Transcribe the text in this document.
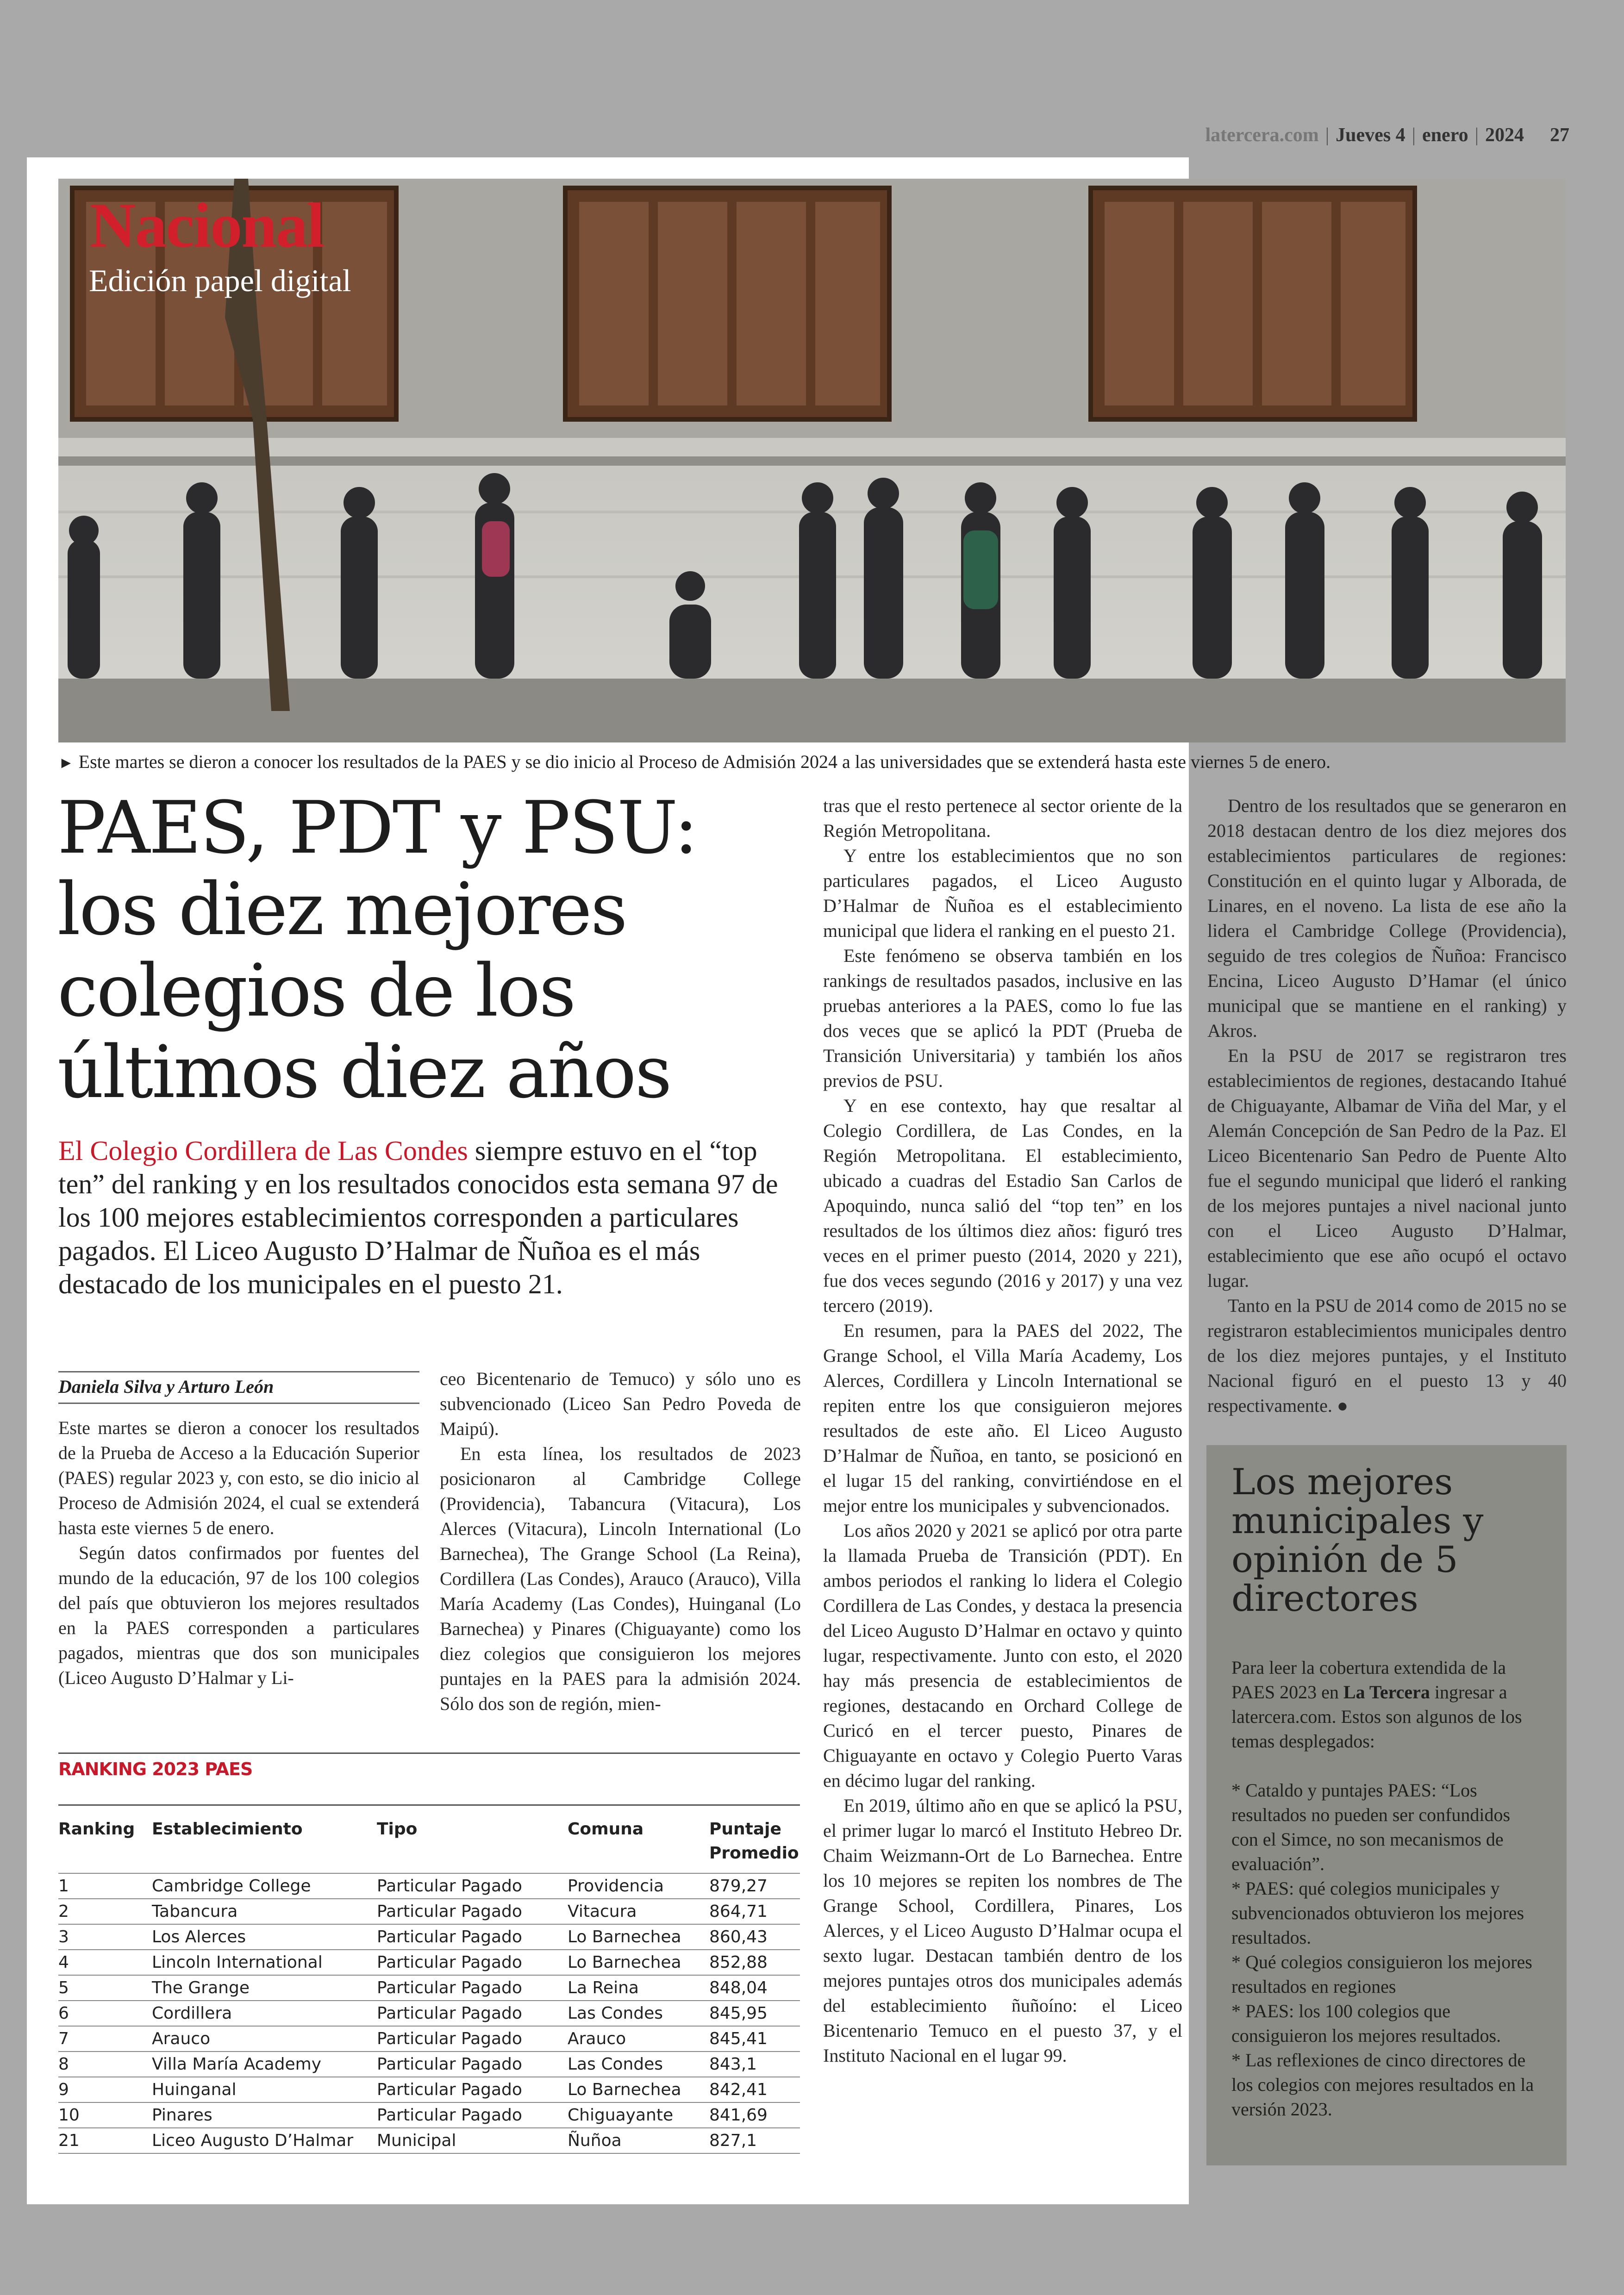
latercera.com | Jueves 4 | enero | 2024 27
Nacional
Edición papel digital
► Este martes se dieron a conocer los resultados de la PAES y se dio inicio al Proceso de Admisión 2024 a las universidades que se extenderá hasta este viernes 5 de enero.
PAES, PDT y PSU:
los diez mejores
colegios de los
últimos diez años
El Colegio Cordillera de Las Condes siempre estuvo en el “top ten” del ranking y en los resultados conocidos esta semana 97 de los 100 mejores establecimientos corresponden a particulares pagados. El Liceo Augusto D’Halmar de Ñuñoa es el más destacado de los municipales en el puesto 21.
Daniela Silva y Arturo León

Este martes se dieron a conocer los resultados de la Prueba de Acceso a la Educación Superior (PAES) regular 2023 y, con esto, se dio inicio al Proceso de Admisión 2024, el cual se extenderá hasta este viernes 5 de enero.

Según datos confirmados por fuentes del mundo de la educación, 97 de los 100 colegios del país que obtuvieron los mejores resultados en la PAES corresponden a particulares pagados, mientras que dos son municipales (Liceo Augusto D’Halmar y Li-

ceo Bicentenario de Temuco) y sólo uno es subvencionado (Liceo San Pedro Poveda de Maipú).

En esta línea, los resultados de 2023 posicionaron al Cambridge College (Providencia), Tabancura (Vitacura), Los Alerces (Vitacura), Lincoln International (Lo Barnechea), The Grange School (La Reina), Cordillera (Las Condes), Arauco (Arauco), Villa María Academy (Las Condes), Huinganal (Lo Barnechea) y Pinares (Chiguayante) como los diez colegios que consiguieron los mejores puntajes en la PAES para la admisión 2024. Sólo dos son de región, mien-

tras que el resto pertenece al sector oriente de la Región Metropolitana.

Y entre los establecimientos que no son particulares pagados, el Liceo Augusto D’Halmar de Ñuñoa es el establecimiento municipal que lidera el ranking en el puesto 21.

Este fenómeno se observa también en los rankings de resultados pasados, inclusive en las pruebas anteriores a la PAES, como lo fue las dos veces que se aplicó la PDT (Prueba de Transición Universitaria) y también los años previos de PSU.

Y en ese contexto, hay que resaltar al Colegio Cordillera, de Las Condes, en la Región Metropolitana. El establecimiento, ubicado a cuadras del Estadio San Carlos de Apoquindo, nunca salió del “top ten” en los resultados de los últimos diez años: figuró tres veces en el primer puesto (2014, 2020 y 221), fue dos veces segundo (2016 y 2017) y una vez tercero (2019).

En resumen, para la PAES del 2022, The Grange School, el Villa María Academy, Los Alerces, Cordillera y Lincoln International se repiten entre los que consiguieron mejores resultados de este año. El Liceo Augusto D’Halmar de Ñuñoa, en tanto, se posicionó en el lugar 15 del ranking, convirtiéndose en el mejor entre los municipales y subvencionados.

Los años 2020 y 2021 se aplicó por otra parte la llamada Prueba de Transición (PDT). En ambos periodos el ranking lo lidera el Colegio Cordillera de Las Condes, y destaca la presencia del Liceo Augusto D’Halmar en octavo y quinto lugar, respectivamente. Junto con esto, el 2020 hay más presencia de establecimientos de regiones, destacando en Orchard College de Curicó en el tercer puesto, Pinares de Chiguayante en octavo y Colegio Puerto Varas en décimo lugar del ranking.

En 2019, último año en que se aplicó la PSU, el primer lugar lo marcó el Instituto Hebreo Dr. Chaim Weizmann-Ort de Lo Barnechea. Entre los 10 mejores se repiten los nombres de The Grange School, Cordillera, Pinares, Los Alerces, y el Liceo Augusto D’Halmar ocupa el sexto lugar. Destacan también dentro de los mejores puntajes otros dos municipales además del establecimiento ñuñoíno: el Liceo Bicentenario Temuco en el puesto 37, y el Instituto Nacional en el lugar 99.

Dentro de los resultados que se generaron en 2018 destacan dentro de los diez mejores dos establecimientos particulares de regiones: Constitución en el quinto lugar y Alborada, de Linares, en el noveno. La lista de ese año la lidera el Cambridge College (Providencia), seguido de tres colegios de Ñuñoa: Francisco Encina, Liceo Augusto D’Hamar (el único municipal que se mantiene en el ranking) y Akros.

En la PSU de 2017 se registraron tres establecimientos de regiones, destacando Itahué de Chiguayante, Albamar de Viña del Mar, y el Alemán Concepción de San Pedro de la Paz. El Liceo Bicentenario San Pedro de Puente Alto fue el segundo municipal que lideró el ranking de los mejores puntajes a nivel nacional junto con el Liceo Augusto D’Halmar, establecimiento que ese año ocupó el octavo lugar.

Tanto en la PSU de 2014 como de 2015 no se registraron establecimientos municipales dentro de los diez mejores puntajes, y el Instituto Nacional figuró en el puesto 13 y 40 respectivamente. ●

RANKING 2023 PAES
Ranking	Establecimiento	Tipo	Comuna	Puntaje Promedio
1	Cambridge College	Particular Pagado	Providencia	879,27
2	Tabancura	Particular Pagado	Vitacura	864,71
3	Los Alerces	Particular Pagado	Lo Barnechea	860,43
4	Lincoln International	Particular Pagado	Lo Barnechea	852,88
5	The Grange	Particular Pagado	La Reina	848,04
6	Cordillera	Particular Pagado	Las Condes	845,95
7	Arauco	Particular Pagado	Arauco	845,41
8	Villa María Academy	Particular Pagado	Las Condes	843,1
9	Huinganal	Particular Pagado	Lo Barnechea	842,41
10	Pinares	Particular Pagado	Chiguayante	841,69
21	Liceo Augusto D’Halmar	Municipal	Ñuñoa	827,1
Los mejores municipales y opinión de 5 directores

Para leer la cobertura extendida de la PAES 2023 en La Tercera ingresar a latercera.com. Estos son algunos de los temas desplegados:

* Cataldo y puntajes PAES: “Los resultados no pueden ser confundidos con el Simce, no son mecanismos de evaluación”.

* PAES: qué colegios municipales y subvencionados obtuvieron los mejores resultados.

* Qué colegios consiguieron los mejores resultados en regiones

* PAES: los 100 colegios que consiguieron los mejores resultados.

* Las reflexiones de cinco directores de los colegios con mejores resultados en la versión 2023.
